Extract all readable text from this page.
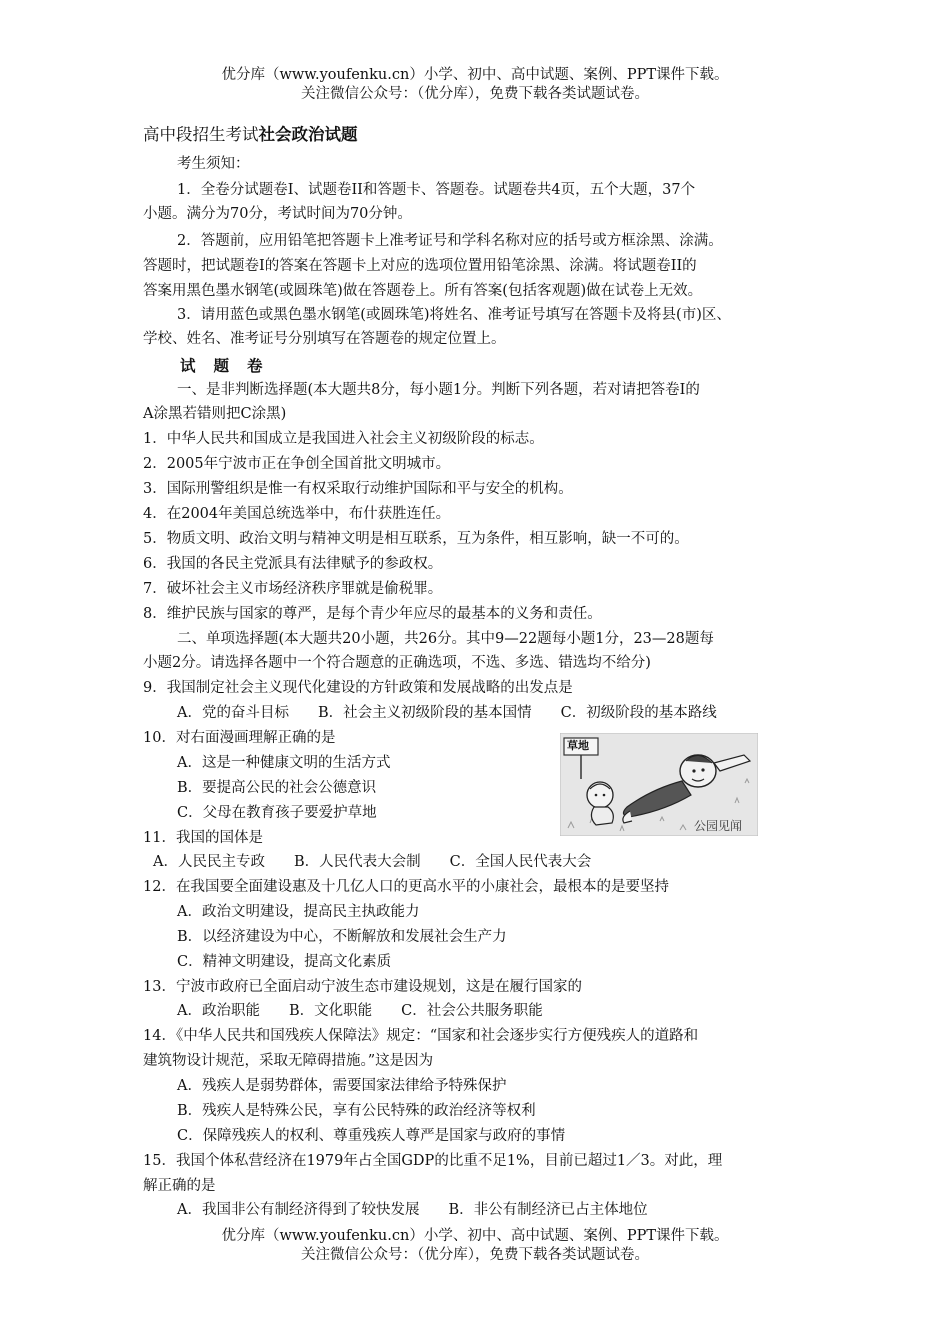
优分库（www.youfenku.cn）小学、初中、高中试题、案例、PPT课件下载。
关注微信公众号：（优分库），免费下载各类试题试卷。
高中段招生考试社会政治试题
考生须知：
1．全卷分试题卷Ⅰ、试题卷ⅠⅠ和答题卡、答题卷。试题卷共4页，五个大题，37个
小题。满分为70分，考试时间为70分钟。
2．答题前，应用铅笔把答题卡上准考证号和学科名称对应的括号或方框涂黑、涂满。
答题时，把试题卷Ⅰ的答案在答题卡上对应的选项位置用铅笔涂黑、涂满。将试题卷ⅠⅠ的
答案用黑色墨水钢笔(或圆珠笔)做在答题卷上。所有答案(包括客观题)做在试卷上无效。
3．请用蓝色或黑色墨水钢笔(或圆珠笔)将姓名、准考证号填写在答题卡及将县(市)区、
学校、姓名、准考证号分别填写在答题卷的规定位置上。
试题卷
一、是非判断选择题(本大题共8分，每小题1分。判断下列各题，若对请把答卷Ⅰ的
A涂黑若错则把C涂黑)
1．中华人民共和国成立是我国进入社会主义初级阶段的标志。
2．2005年宁波市正在争创全国首批文明城市。
3．国际刑警组织是惟一有权采取行动维护国际和平与安全的机构。
4．在2004年美国总统选举中，布什获胜连任。
5．物质文明、政治文明与精神文明是相互联系，互为条件，相互影响，缺一不可的。
6．我国的各民主党派具有法律赋予的参政权。
7．破坏社会主义市场经济秩序罪就是偷税罪。
8．维护民族与国家的尊严，是每个青少年应尽的最基本的义务和责任。
二、单项选择题(本大题共20小题，共26分。其中9—22题每小题1分，23—28题每
小题2分。请选择各题中一个符合题意的正确选项，不选、多选、错选均不给分)
9．我国制定社会主义现代化建设的方针政策和发展战略的出发点是
A．党的奋斗目标　　B．社会主义初级阶段的基本国情　　C．初级阶段的基本路线
10．对右面漫画理解正确的是　　
A．这是一种健康文明的生活方式
B．要提高公民的社会公德意识
C．父母在教育孩子要爱护草地
11．我国的国体是
A．人民民主专政　　B．人民代表大会制　　C．全国人民代表大会
12．在我国要全面建设惠及十几亿人口的更高水平的小康社会，最根本的是要坚持
A．政治文明建设，提高民主执政能力
B．以经济建设为中心，不断解放和发展社会生产力
C．精神文明建设，提高文化素质
13．宁波市政府已全面启动宁波生态市建设规划，这是在履行国家的
A．政治职能　　B．文化职能　　C．社会公共服务职能
14．《中华人民共和国残疾人保障法》规定：“国家和社会逐步实行方便残疾人的道路和
建筑物设计规范，采取无障碍措施。”这是因为
A．残疾人是弱势群体，需要国家法律给予特殊保护
B．残疾人是特殊公民，享有公民特殊的政治经济等权利
C．保障残疾人的权利、尊重残疾人尊严是国家与政府的事情
15．我国个体私营经济在1979年占全国GDP的比重不足1%，目前已超过1／3。对此，理
解正确的是
A．我国非公有制经济得到了较快发展　　B．非公有制经济已占主体地位
草地
公园见闻
优分库（www.youfenku.cn）小学、初中、高中试题、案例、PPT课件下载。
关注微信公众号：（优分库），免费下载各类试题试卷。
